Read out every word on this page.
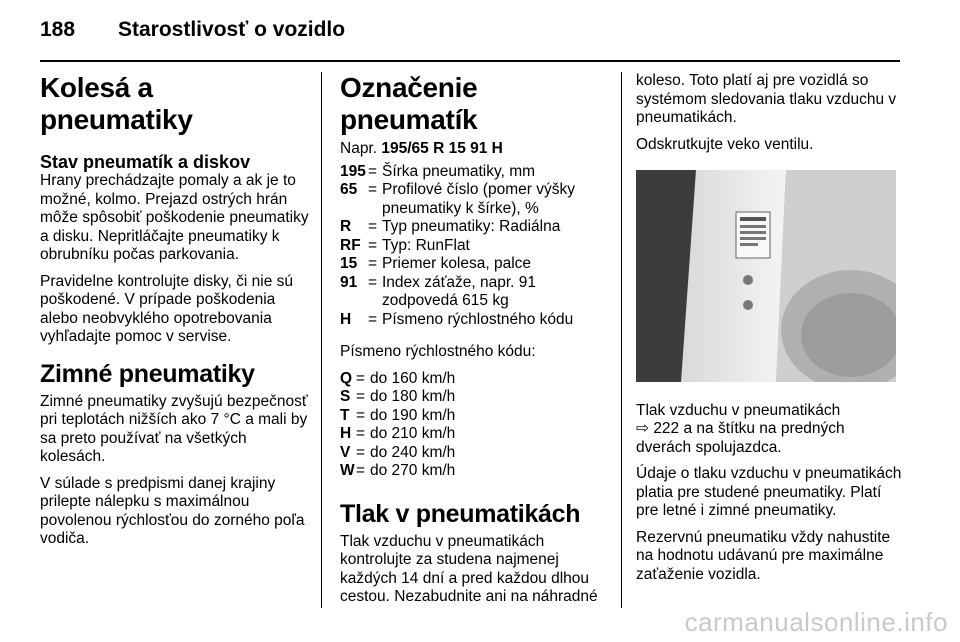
188 Starostlivosť o vozidlo
Kolesá a pneumatiky
Stav pneumatík a diskov

Hrany prechádzajte pomaly a ak je to možné, kolmo. Prejazd ostrých hrán môže spôsobiť poškodenie pneumatiky a disku. Nepritláčajte pneumatiky k obrubníku počas parkovania.

Pravidelne kontrolujte disky, či nie sú poškodené. V prípade poškodenia alebo neobvyklého opotrebovania vyhľadajte pomoc v servise.

Zimné pneumatiky

Zimné pneumatiky zvyšujú bezpečnosť pri teplotách nižších ako 7 °C a mali by sa preto používať na všetkých kolesách.

V súlade s predpismi danej krajiny prilepte nálepku s maximálnou povolenou rýchlosťou do zorného poľa vodiča.

Označenie pneumatík
Napr. 195/65 R 15 91 H
195 = Šírka pneumatiky, mm
65 = Profilové číslo (pomer výšky pneumatiky k šírke), %
R	= Typ pneumatiky: Radiálna
RF = Typ: RunFlat
15 = Priemer kolesa, palce
91 = Index záťaže, napr. 91 zodpovedá 615 kg
H	= Písmeno rýchlostného kódu

Písmeno rýchlostného kódu:

Q = do 160 km/h
S = do 180 km/h
T = do 190 km/h
H = do 210 km/h
V = do 240 km/h
W = do 270 km/h
Tlak v pneumatikách

Tlak vzduchu v pneumatikách kontrolujte za studena najmenej každých 14 dní a pred každou dlhou cestou. Nezabudnite ani na náhradné

koleso. Toto platí aj pre vozidlá so systémom sledovania tlaku vzduchu v pneumatikách.

Odskrutkujte veko ventilu.

Tlak vzduchu v pneumatikách
⇨ 222 a na štítku na predných dverách spolujazdca.

Údaje o tlaku vzduchu v pneumatikách platia pre studené pneumatiky. Platí pre letné i zimné pneumatiky.

Rezervnú pneumatiku vždy nahustite na hodnotu udávanú pre maximálne zaťaženie vozidla.

carmanualsonline.info
